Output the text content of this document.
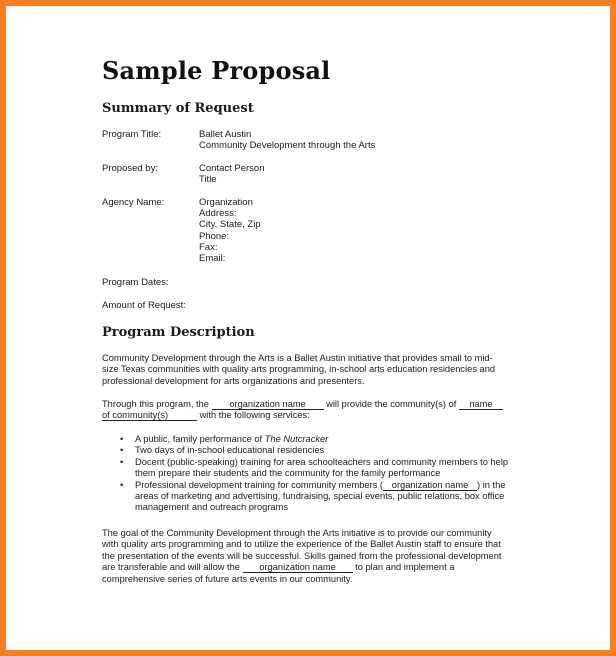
Sample Proposal
Summary of Request
Program Title:	Ballet Austin
Community Development through the Arts
Proposed by:	Contact Person
Title
Agency Name:	Organization
Address:
City, State, Zip
Phone:
Fax:
Email:
Program Dates:
Amount of Request:
Program Description
Community Development through the Arts is a Ballet Austin initiative that provides small to mid-
size Texas communities with quality arts programming, in-school arts education residencies and
professional development for arts organizations and presenters.
Through this program, the organization name will provide the community(s) of name
of community(s)	with the following services:
• A public, family performance of The Nutcracker
• Two days of in-school educational residencies
• Docent (public-speaking) training for area schoolteachers and community members to help
them prepare their students and the community for the family performance
• Professional development training for community members ( organization name ) in the
areas of marketing and advertising, fundraising, special events, public relations, box office
management and outreach programs
The goal of the Community Development through the Arts initiative is to provide our community
with quality arts programming and to utilize the experience of the Ballet Austin staff to ensure that
the presentation of the events will be successful. Skills gained from the professional development
are transferable and will allow the organization name to plan and implement a
comprehensive series of future arts events in our community.
